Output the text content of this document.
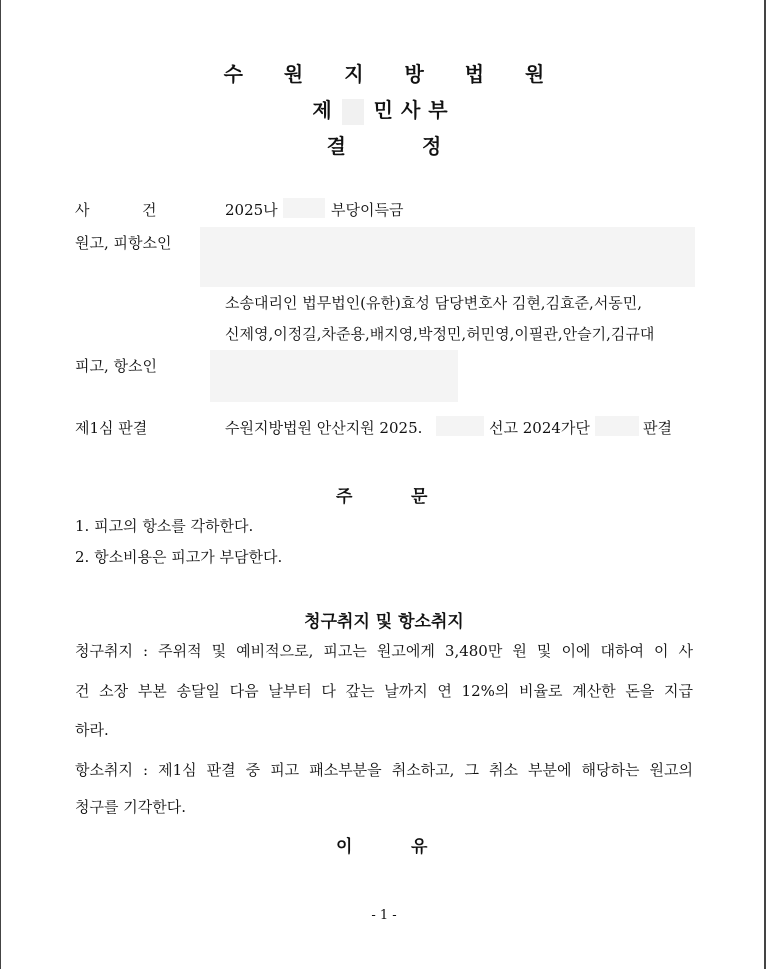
수 원 지 방 법 원
제 민사부
결	정
사           건	2025나	부당이득금
원고, 피항소인
소송대리인 법무법인(유한)효성 담당변호사 김현,김효준,서동민,
신제영,이정길,차준용,배지영,박정민,허민영,이필관,안슬기,김규대
피고, 항소인
제1심 판결	수원지방법원 안산지원 2025.	선고 2024가단	판결
주	문
1. 피고의 항소를 각하한다.
2. 항소비용은 피고가 부담한다.
청구취지 및 항소취지
청구취지 : 주위적 및 예비적으로, 피고는 원고에게 3,480만 원 및 이에 대하여 이 사
건 소장 부본 송달일 다음 날부터 다 갚는 날까지 연 12%의 비율로 계산한 돈을 지급
하라.
항소취지 : 제1심 판결 중 피고 패소부분을 취소하고, 그 취소 부분에 해당하는 원고의
청구를 기각한다.
이	유
- 1 -
